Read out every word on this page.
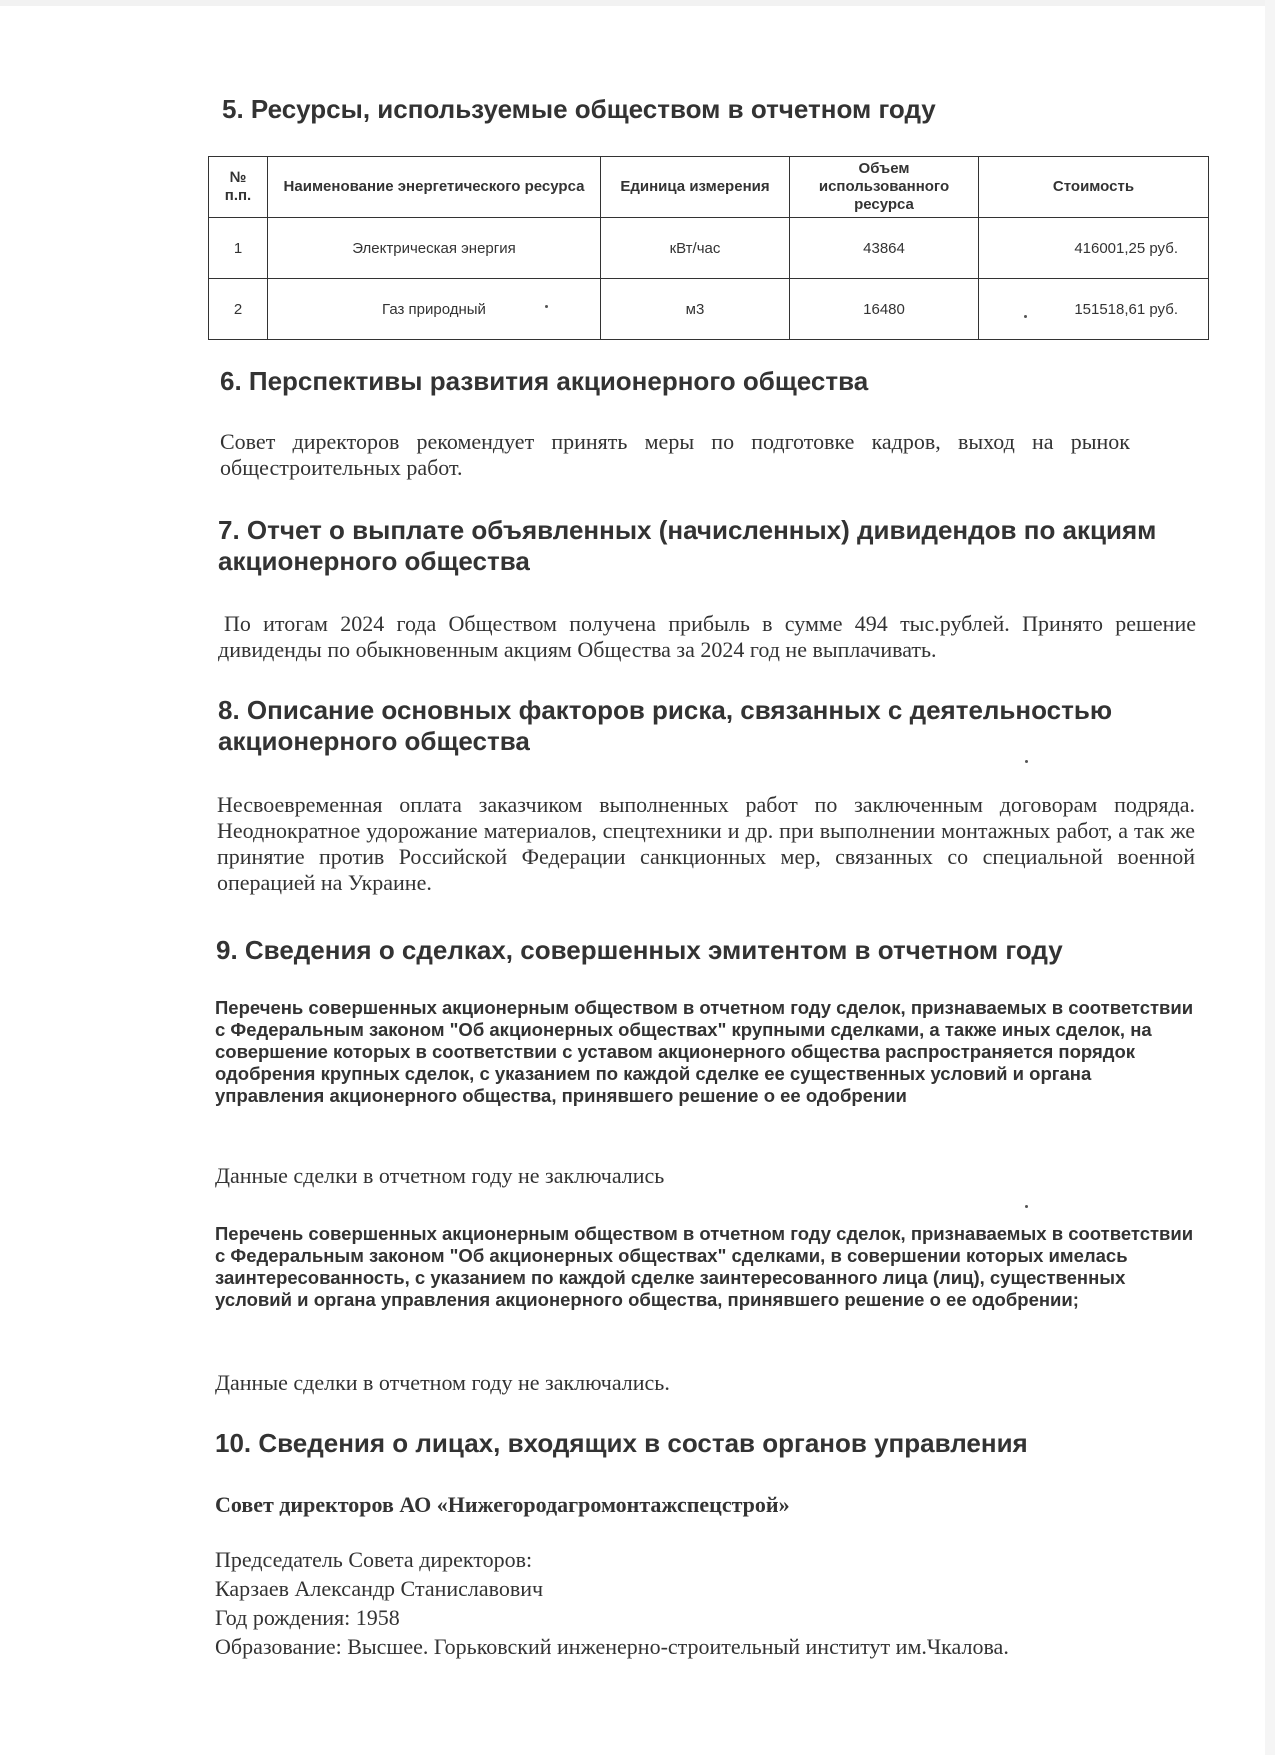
5. Ресурсы, используемые обществом в отчетном году
№ п.п.	Наименование энергетического ресурса	Единица измерения	Объем использованного ресурса	Стоимость
1	Электрическая энергия	кВт/час	43864	416001,25 руб.
2	Газ природный	м3	16480	151518,61 руб.
6. Перспективы развития акционерного общества

Совет директоров рекомендует принять меры по подготовке кадров, выход на рынок общестроительных работ.

7. Отчет о выплате объявленных (начисленных) дивидендов по акциям акционерного общества

По итогам 2024 года Обществом получена прибыль в сумме 494 тыс.рублей. Принято решение дивиденды по обыкновенным акциям Общества за 2024 год не выплачивать.

8. Описание основных факторов риска, связанных с деятельностью акционерного общества

Несвоевременная оплата заказчиком выполненных работ по заключенным договорам подряда. Неоднократное удорожание материалов, спецтехники и др. при выполнении монтажных работ, а так же принятие против Российской Федерации санкционных мер, связанных со специальной военной операцией на Украине.

9. Сведения о сделках, совершенных эмитентом в отчетном году

Перечень совершенных акционерным обществом в отчетном году сделок, признаваемых в соответствии с Федеральным законом "Об акционерных обществах" крупными сделками, а также иных сделок, на совершение которых в соответствии с уставом акционерного общества распространяется порядок одобрения крупных сделок, с указанием по каждой сделке ее существенных условий и органа управления акционерного общества, принявшего решение о ее одобрении

Данные сделки в отчетном году не заключались

Перечень совершенных акционерным обществом в отчетном году сделок, признаваемых в соответствии с Федеральным законом "Об акционерных обществах" сделками, в совершении которых имелась заинтересованность, с указанием по каждой сделке заинтересованного лица (лиц), существенных условий и органа управления акционерного общества, принявшего решение о ее одобрении;

Данные сделки в отчетном году не заключались.

10. Сведения о лицах, входящих в состав органов управления

Совет директоров АО «Нижегородагромонтажспецстрой»

Председатель Совета директоров:

Карзаев Александр Станиславович

Год рождения: 1958

Образование: Высшее. Горьковский инженерно-строительный институт им.Чкалова.
